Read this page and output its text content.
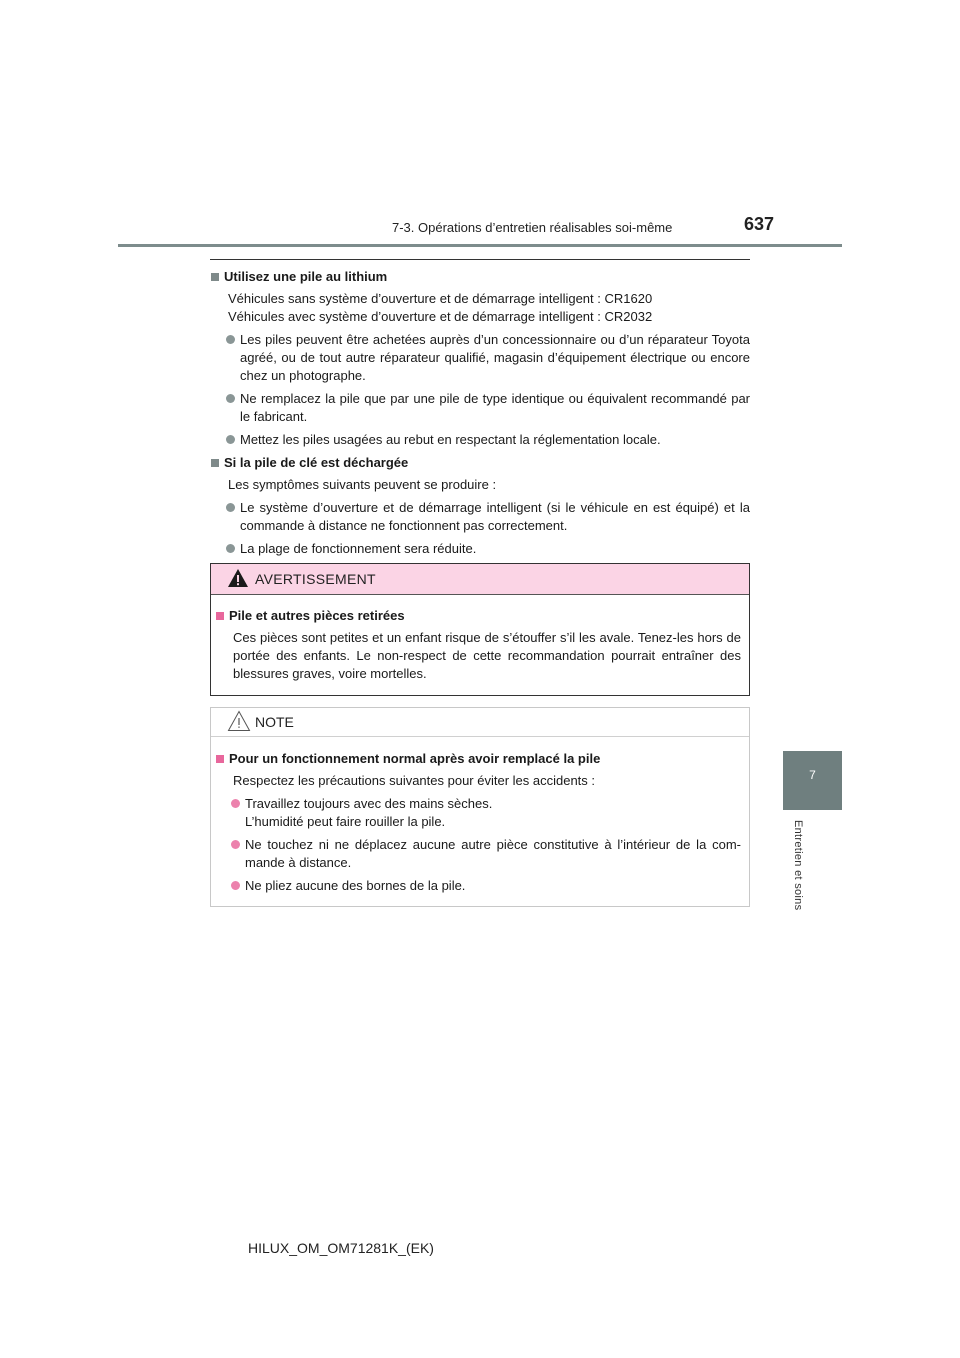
7-3. Opérations d’entretien réalisables soi-même	637
7
Entretien et soins
Utilisez une pile au lithium
Véhicules sans système d’ouverture et de démarrage intelligent : CR1620
Véhicules avec système d’ouverture et de démarrage intelligent : CR2032
Les piles peuvent être achetées auprès d’un concessionnaire ou d’un réparateur Toyota agréé, ou de tout autre réparateur qualifié, magasin d’équipement électrique ou encore chez un photographe.
Ne remplacez la pile que par une pile de type identique ou équivalent recommandé par le fabricant.
Mettez les piles usagées au rebut en respectant la réglementation locale.
Si la pile de clé est déchargée
Les symptômes suivants peuvent se produire :
Le système d’ouverture et de démarrage intelligent (si le véhicule en est équipé) et la commande à distance ne fonctionnent pas correctement.
La plage de fonctionnement sera réduite.
AVERTISSEMENT
Pile et autres pièces retirées
Ces pièces sont petites et un enfant risque de s’étouffer s’il les avale. Tenez-les hors de portée des enfants. Le non-respect de cette recommandation pourrait entraîner des blessures graves, voire mortelles.
NOTE
Pour un fonctionnement normal après avoir remplacé la pile
Respectez les précautions suivantes pour éviter les accidents :
Travaillez toujours avec des mains sèches.
L’humidité peut faire rouiller la pile.
Ne touchez ni ne déplacez aucune autre pièce constitutive à l’intérieur de la com-mande à distance.
Ne pliez aucune des bornes de la pile.
HILUX_OM_OM71281K_(EK)
